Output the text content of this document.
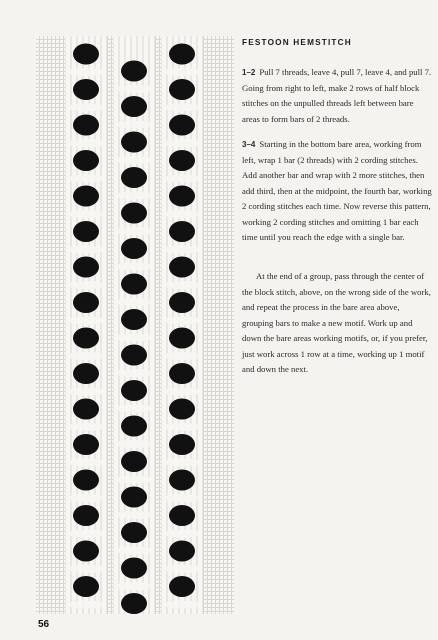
FESTOON HEMSTITCH
1–2 Pull 7 threads, leave 4, pull 7, leave 4, and pull 7. Going from right to left, make 2 rows of half block stitches on the unpulled threads left between bare areas to form bars of 2 threads.
3–4 Starting in the bottom bare area, working from left, wrap 1 bar (2 threads) with 2 cording stitches. Add another bar and wrap with 2 more stitches, then add third, then at the midpoint, the fourth bar, working 2 cording stitches each time. Now reverse this pattern, working 2 cording stitches and omitting 1 bar each time until you reach the edge with a single bar.
At the end of a group, pass through the center of the block stitch, above, on the wrong side of the work, and repeat the process in the bare area above, grouping bars to make a new motif. Work up and down the bare areas working motifs, or, if you prefer, just work across 1 row at a time, working up 1 motif and down the next.
56
